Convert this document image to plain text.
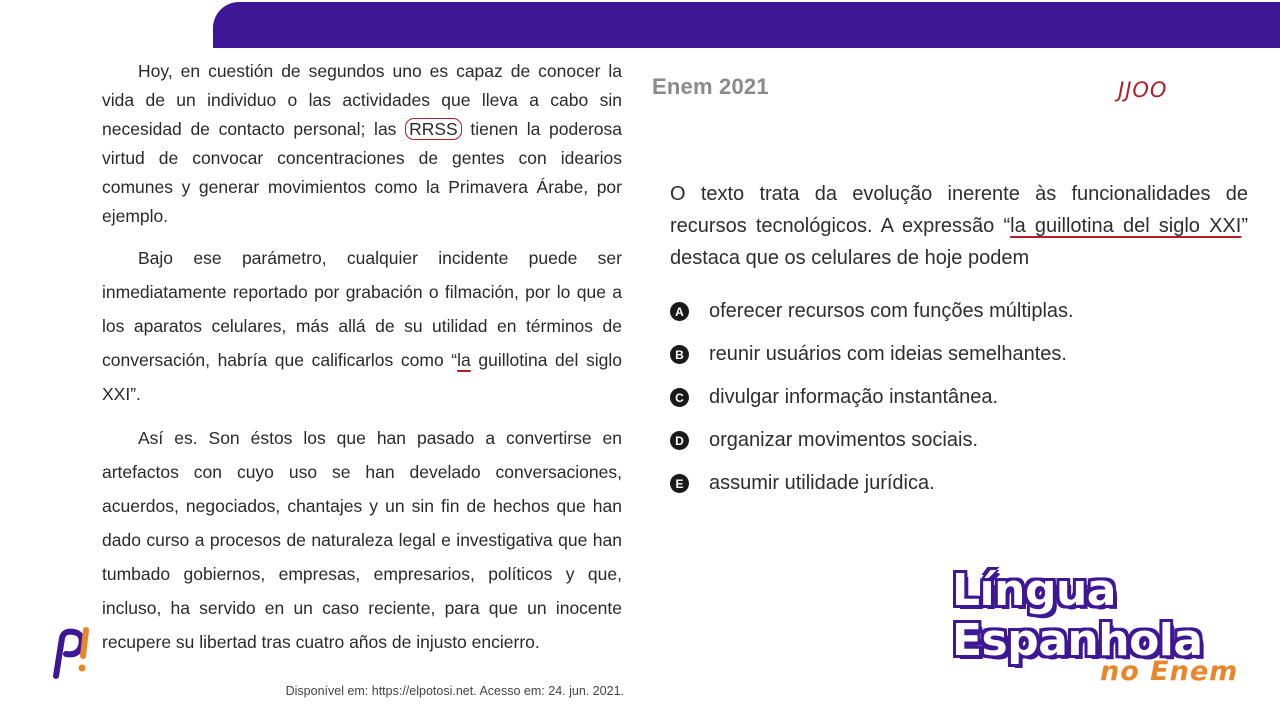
Hoy, en cuestión de segundos uno es capaz de conocer la vida de un individuo o las actividades que lleva a cabo sin necesidad de contacto personal; las RRSS tienen la poderosa virtud de convocar concentraciones de gentes con idearios comunes y generar movimientos como la Primavera Árabe, por ejemplo.

Bajo ese parámetro, cualquier incidente puede ser inmediatamente reportado por grabación o filmación, por lo que a los aparatos celulares, más allá de su utilidad en términos de conversación, habría que calificarlos como “la guillotina del siglo XXI”.

Así es. Son éstos los que han pasado a convertirse en artefactos con cuyo uso se han develado conversaciones, acuerdos, negociados, chantajes y un sin fin de hechos que han dado curso a procesos de naturaleza legal e investigativa que han tumbado gobiernos, empresas, empresarios, políticos y que, incluso, ha servido en un caso reciente, para que un inocente recupere su libertad tras cuatro años de injusto encierro.

Disponível em: https://elpotosi.net. Acesso em: 24. jun. 2021.
Enem 2021	JJOO
O texto trata da evolução inerente às funcionalidades de recursos tecnológicos. A expressão “la guillotina del siglo XXI” destaca que os celulares de hoje podem
A oferecer recursos com funções múltiplas.
B reunir usuários com ideias semelhantes.
C divulgar informação instantânea.
D organizar movimentos sociais.
E assumir utilidade jurídica.
Língua
Espanhola
no Enem
